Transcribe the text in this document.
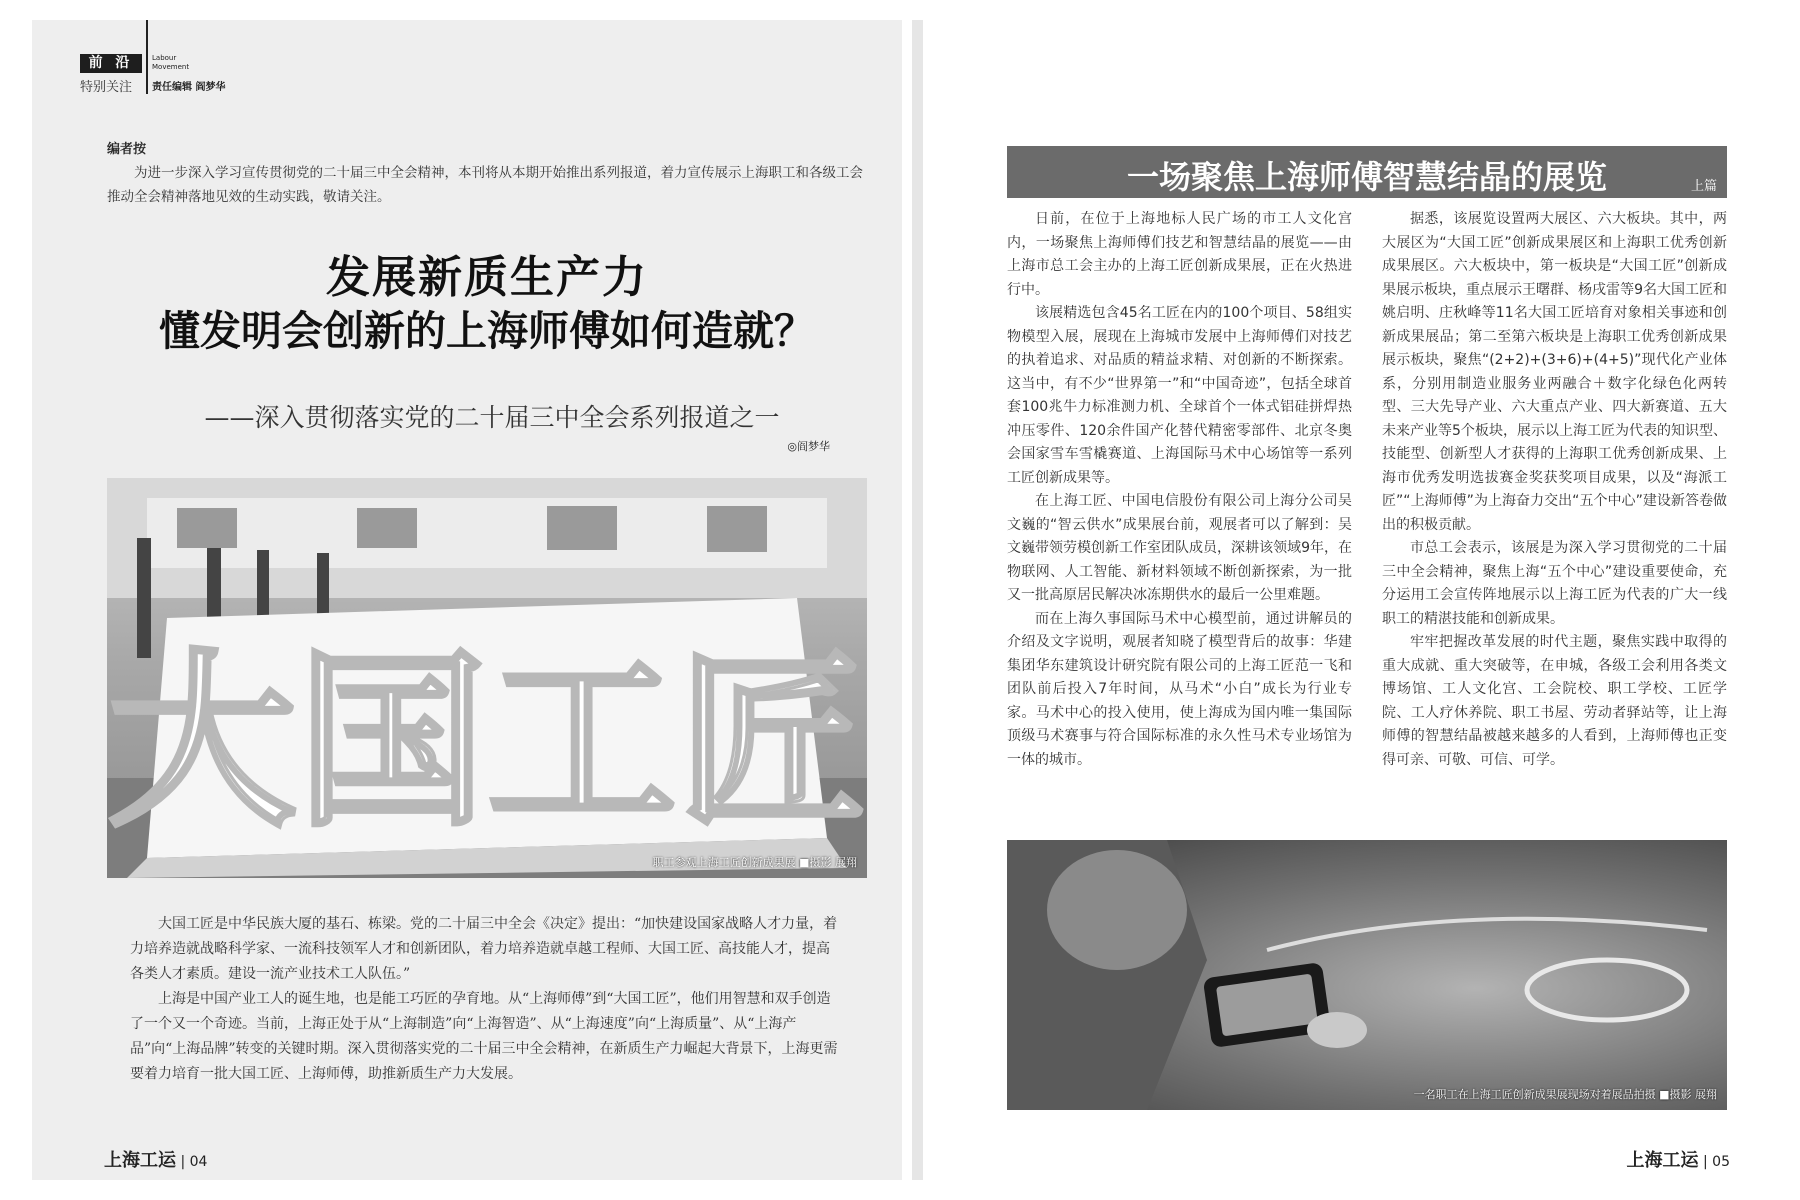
前 沿
特别关注
Labour
Movement
责任编辑 阎梦华
编者按
为进一步深入学习宣传贯彻党的二十届三中全会精神，本刊将从本期开始推出系列报道，着力宣传展示上海职工和各级工会推动全会精神落地见效的生动实践，敬请关注。
发展新质生产力
懂发明会创新的上海师傅如何造就？
——深入贯彻落实党的二十届三中全会系列报道之一
◎阎梦华
大国工匠
职工参观上海工匠创新成果展 ■摄影 展翔

大国工匠是中华民族大厦的基石、栋梁。党的二十届三中全会《决定》提出：“加快建设国家战略人才力量，着力培养造就战略科学家、一流科技领军人才和创新团队，着力培养造就卓越工程师、大国工匠、高技能人才，提高各类人才素质。建设一流产业技术工人队伍。”

上海是中国产业工人的诞生地，也是能工巧匠的孕育地。从“上海师傅”到“大国工匠”，他们用智慧和双手创造了一个又一个奇迹。当前，上海正处于从“上海制造”向“上海智造”、从“上海速度”向“上海质量”、从“上海产品”向“上海品牌”转变的关键时期。深入贯彻落实党的二十届三中全会精神，在新质生产力崛起大背景下，上海更需要着力培育一批大国工匠、上海师傅，助推新质生产力大发展。

上海工运 | 04
一场聚焦上海师傅智慧结晶的展览	上篇

日前，在位于上海地标人民广场的市工人文化宫内，一场聚焦上海师傅们技艺和智慧结晶的展览——由上海市总工会主办的上海工匠创新成果展，正在火热进行中。

该展精选包含45名工匠在内的100个项目、58组实物模型入展，展现在上海城市发展中上海师傅们对技艺的执着追求、对品质的精益求精、对创新的不断探索。这当中，有不少“世界第一”和“中国奇迹”，包括全球首套100兆牛力标准测力机、全球首个一体式铝硅拼焊热冲压零件、120余件国产化替代精密零部件、北京冬奥会国家雪车雪橇赛道、上海国际马术中心场馆等一系列工匠创新成果等。

在上海工匠、中国电信股份有限公司上海分公司吴文巍的“智云供水”成果展台前，观展者可以了解到：吴文巍带领劳模创新工作室团队成员，深耕该领域9年，在物联网、人工智能、新材料领域不断创新探索，为一批又一批高原居民解决冰冻期供水的最后一公里难题。

而在上海久事国际马术中心模型前，通过讲解员的介绍及文字说明，观展者知晓了模型背后的故事：华建集团华东建筑设计研究院有限公司的上海工匠范一飞和团队前后投入7年时间，从马术“小白”成长为行业专家。马术中心的投入使用，使上海成为国内唯一集国际顶级马术赛事与符合国际标准的永久性马术专业场馆为一体的城市。

据悉，该展览设置两大展区、六大板块。其中，两大展区为“大国工匠”创新成果展区和上海职工优秀创新成果展区。六大板块中，第一板块是“大国工匠”创新成果展示板块，重点展示王曙群、杨戌雷等9名大国工匠和姚启明、庄秋峰等11名大国工匠培育对象相关事迹和创新成果展品；第二至第六板块是上海职工优秀创新成果展示板块，聚焦“(2+2)+(3+6)+(4+5)”现代化产业体系，分别用制造业服务业两融合＋数字化绿色化两转型、三大先导产业、六大重点产业、四大新赛道、五大未来产业等5个板块，展示以上海工匠为代表的知识型、技能型、创新型人才获得的上海职工优秀创新成果、上海市优秀发明选拔赛金奖获奖项目成果，以及“海派工匠”“上海师傅”为上海奋力交出“五个中心”建设新答卷做出的积极贡献。

市总工会表示，该展是为深入学习贯彻党的二十届三中全会精神，聚焦上海“五个中心”建设重要使命，充分运用工会宣传阵地展示以上海工匠为代表的广大一线职工的精湛技能和创新成果。

牢牢把握改革发展的时代主题，聚焦实践中取得的重大成就、重大突破等，在申城，各级工会利用各类文博场馆、工人文化宫、工会院校、职工学校、工匠学院、工人疗休养院、职工书屋、劳动者驿站等，让上海师傅的智慧结晶被越来越多的人看到，上海师傅也正变得可亲、可敬、可信、可学。

一名职工在上海工匠创新成果展现场对着展品拍摄 ■摄影 展翔
上海工运 | 05
